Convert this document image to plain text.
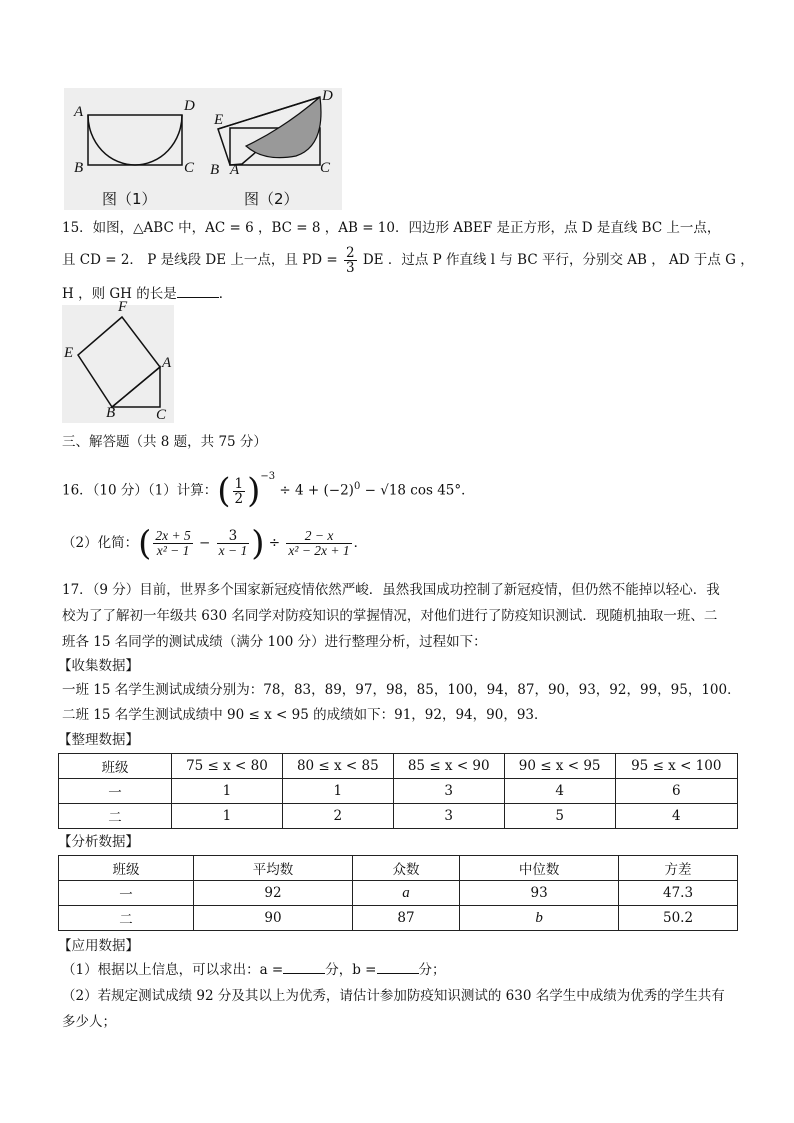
A	D
B	C
D
E
B A	C
图（1）	图（2）
15．如图，△ABC 中，AC = 6 ，BC = 8 ，AB = 10．四边形 ABEF 是正方形，点 D 是直线 BC 上一点，
且 CD = 2． P 是线段 DE 上一点，且 PD = $\frac{2}{3}$ DE ．过点 P 作直线 l 与 BC 平行，分别交 AB ， AD 于点 G ，
H ，则 GH 的长是	．
F
E
A
B	C
三、解答题（共 8 题，共 75 分）
16．（10 分）（1）计算：( $\frac{1}{2} )^{-3} \div 4 + (-2)^0 - √18$ cos 45°．
（2）化简：( $\frac{2x + 5}{\text{x² − 1}} - \frac{3}{x - 1}$ ) ÷ $\frac{2 - x}{\text{x² − 2x + 1}}$ ．
17．（9 分）目前，世界多个国家新冠疫情依然严峻．虽然我国成功控制了新冠疫情，但仍然不能掉以轻心．我
校为了了解初一年级共 630 名同学对防疫知识的掌握情况，对他们进行了防疫知识测试．现随机抽取一班、二
班各 15 名同学的测试成绩（满分 100 分）进行整理分析，过程如下：
【收集数据】
一班 15 名学生测试成绩分别为：78，83，89，97，98，85，100，94，87，90，93，92，99，95，100．
二班 15 名学生测试成绩中 90 ≤ x < 95 的成绩如下：91，92，94，90，93．
【整理数据】
班级	75 ≤ x < 80	80 ≤ x < 85	85 ≤ x < 90	90 ≤ x < 95	95 ≤ x < 100
一	1	1	3	4	6
二	1	2	3	5	4
【分析数据】
班级	平均数	众数	中位数	方差
一	92	a	93	47.3
二	90	87	b	50.2
【应用数据】
（1）根据以上信息，可以求出：a =	分，b =	分；
（2）若规定测试成绩 92 分及其以上为优秀，请估计参加防疫知识测试的 630 名学生中成绩为优秀的学生共有
多少人；
